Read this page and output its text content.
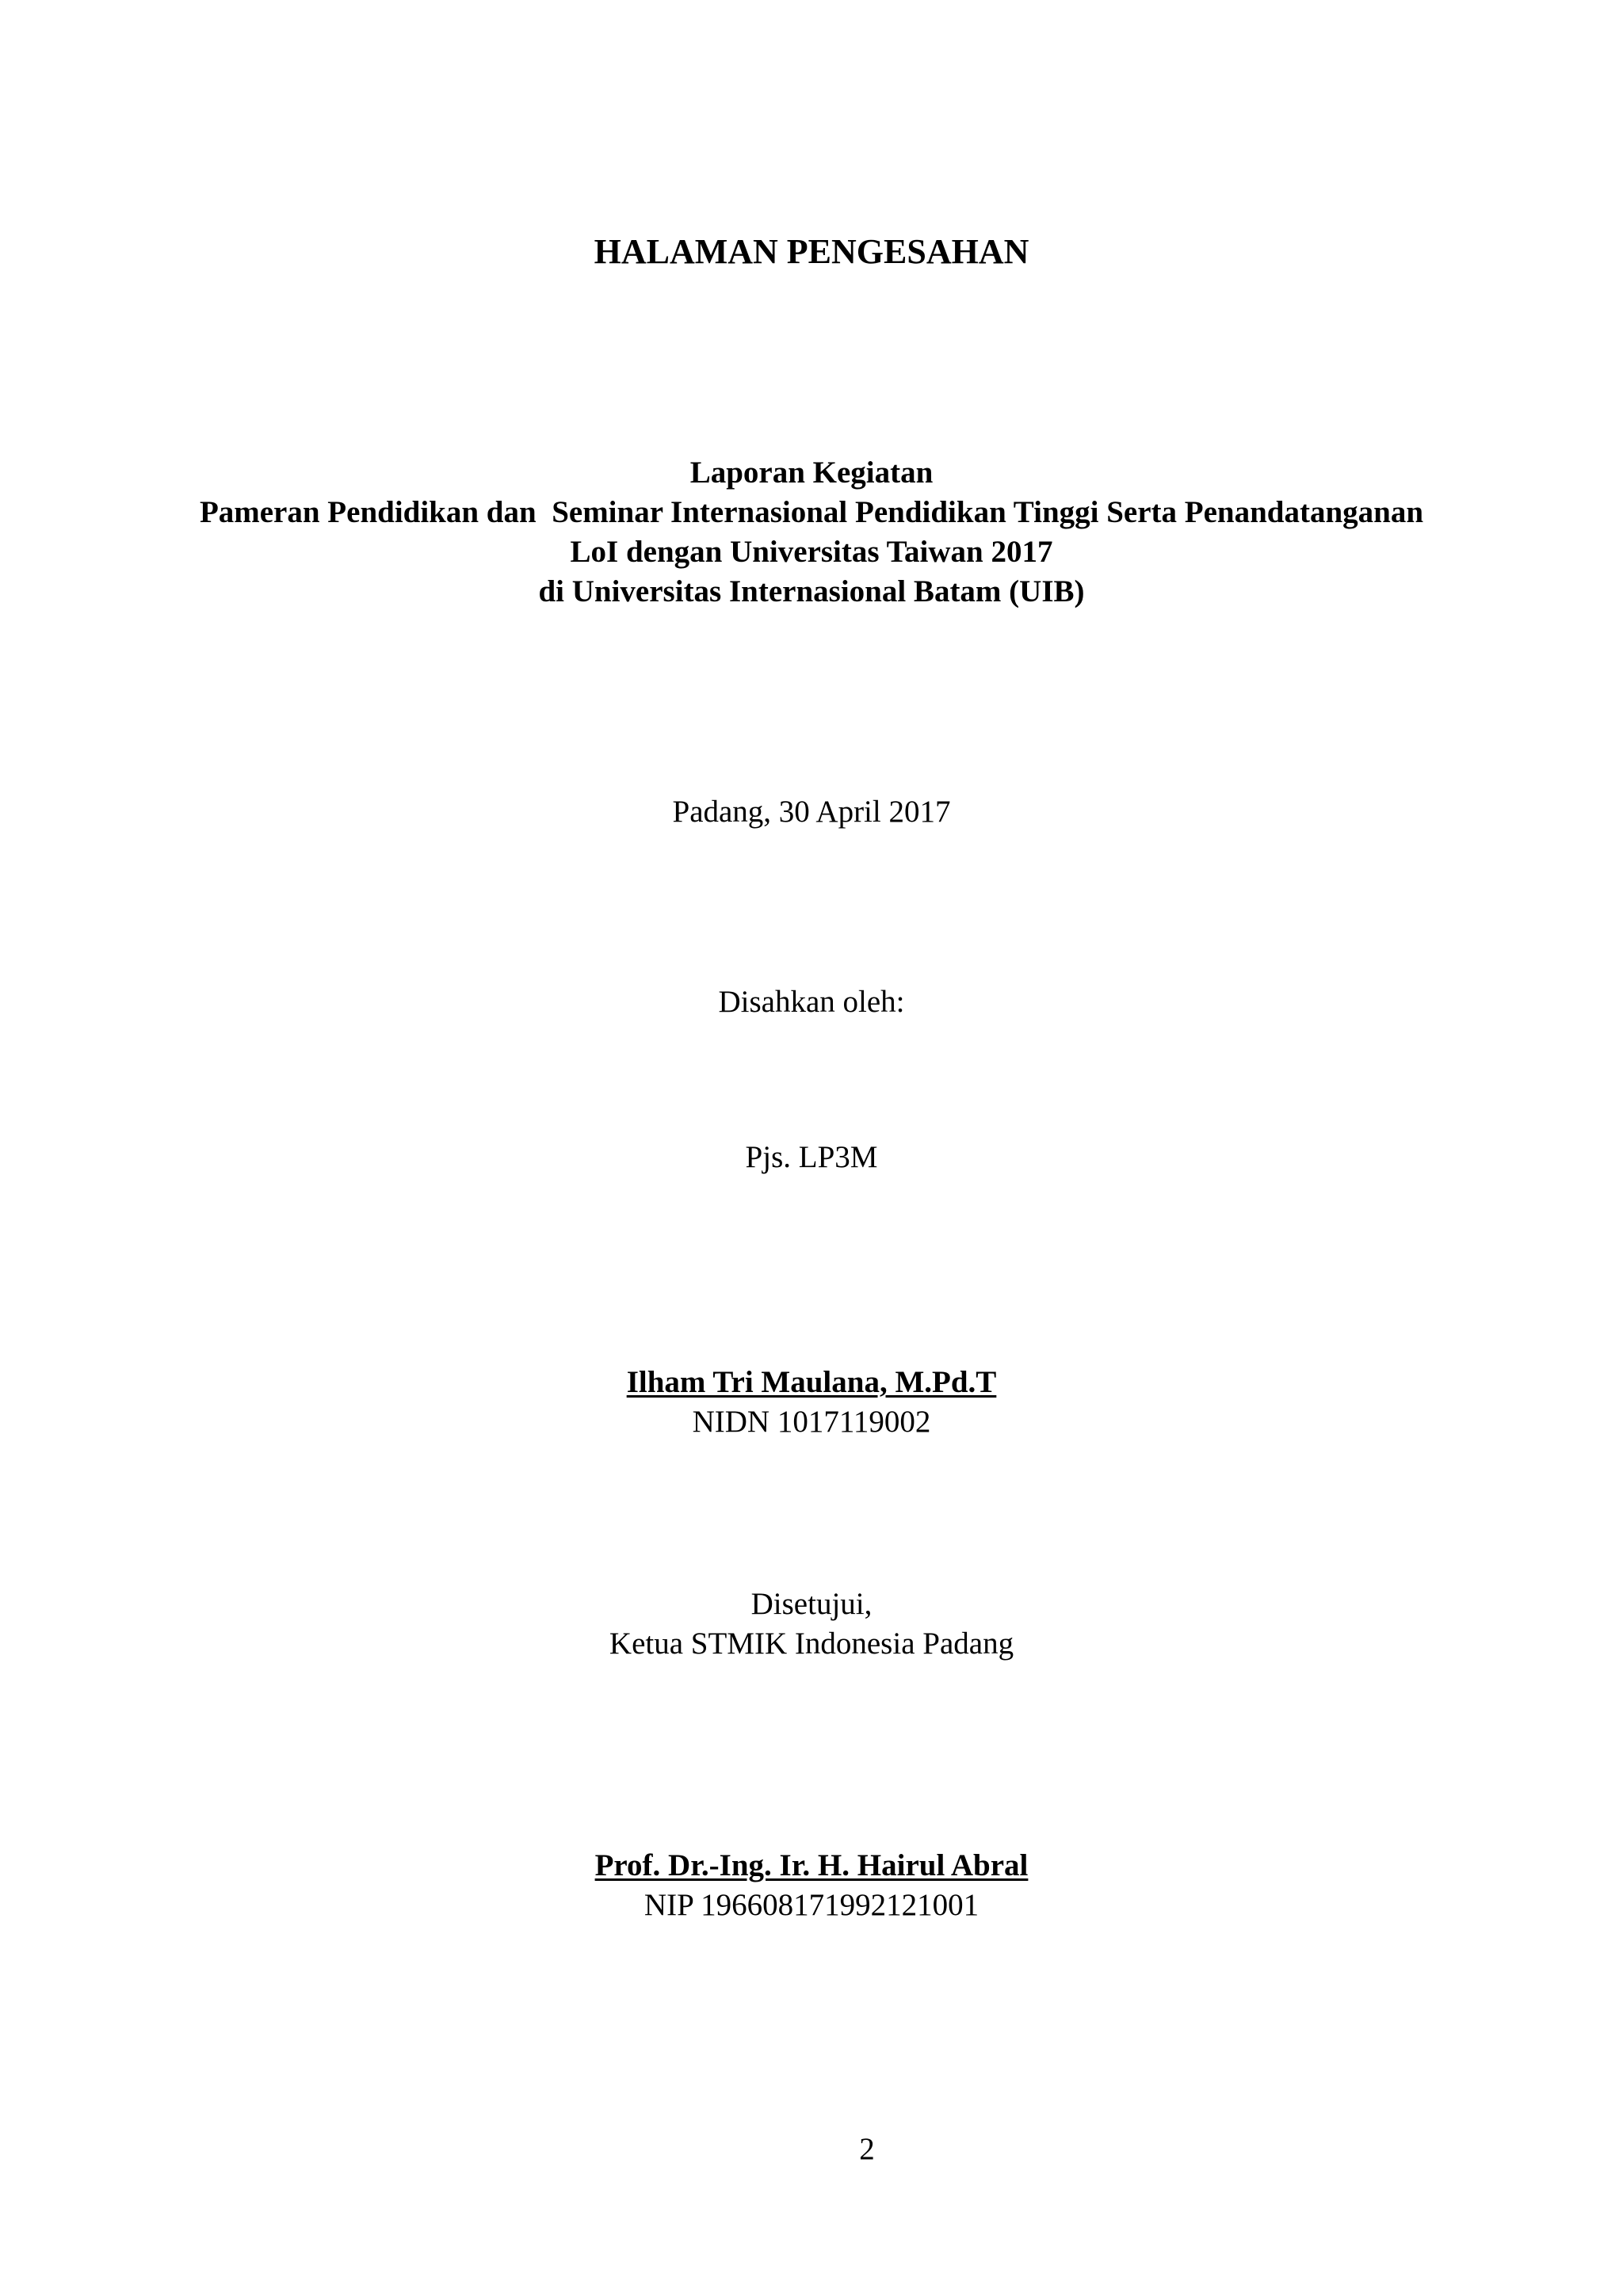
HALAMAN PENGESAHAN
Laporan Kegiatan
Pameran Pendidikan dan  Seminar Internasional Pendidikan Tinggi Serta Penandatanganan
LoI dengan Universitas Taiwan 2017
di Universitas Internasional Batam (UIB)
Padang, 30 April 2017
Disahkan oleh:
Pjs. LP3M
Ilham Tri Maulana, M.Pd.T
NIDN 1017119002
Disetujui,
Ketua STMIK Indonesia Padang
Prof. Dr.-Ing. Ir. H. Hairul Abral
NIP 196608171992121001
2
